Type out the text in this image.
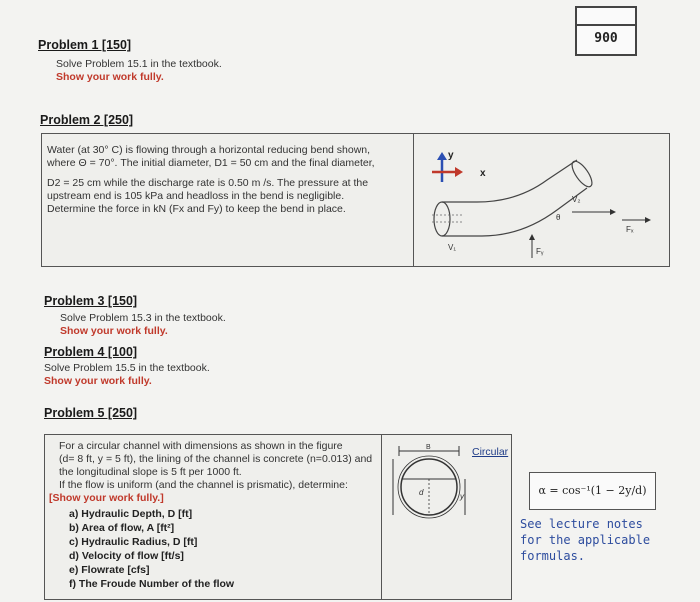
900
Problem 1 [150]
Solve Problem 15.1 in the textbook.
Show your work fully.
Problem 2 [250]
Water (at 30° C) is flowing through a horizontal reducing bend shown,
where Θ = 70°. The initial diameter, D1 = 50 cm and the final diameter,
D2 = 25 cm while the discharge rate is 0.50 m /s. The pressure at the
upstream end is 105 kPa and headloss in the bend is negligible.
Determine the force in kN (Fx and Fy) to keep the bend in place.
y
x
Fₓ
Fᵧ
θ
V₁
V₂
Problem 3 [150]
Solve Problem 15.3 in the textbook.
Show your work fully.
Problem 4 [100]
Solve Problem 15.5 in the textbook.
Show your work fully.
Problem 5 [250]
For a circular channel with dimensions as shown in the figure
(d= 8 ft, y = 5 ft), the lining of the channel is concrete (n=0.013) and
the longitudinal slope is 5 ft per 1000 ft.
If the flow is uniform (and the channel is prismatic), determine:
[Show your work fully.]
a) Hydraulic Depth, D [ft]
b) Area of flow, A [ft²]
c) Hydraulic Radius, D [ft]
d) Velocity of flow [ft/s]
e) Flowrate [cfs]
f) The Froude Number of the flow
B
d	y
Circular
α = cos⁻¹(1 − 2y/d)
See lecture notes
for the applicable
formulas.
